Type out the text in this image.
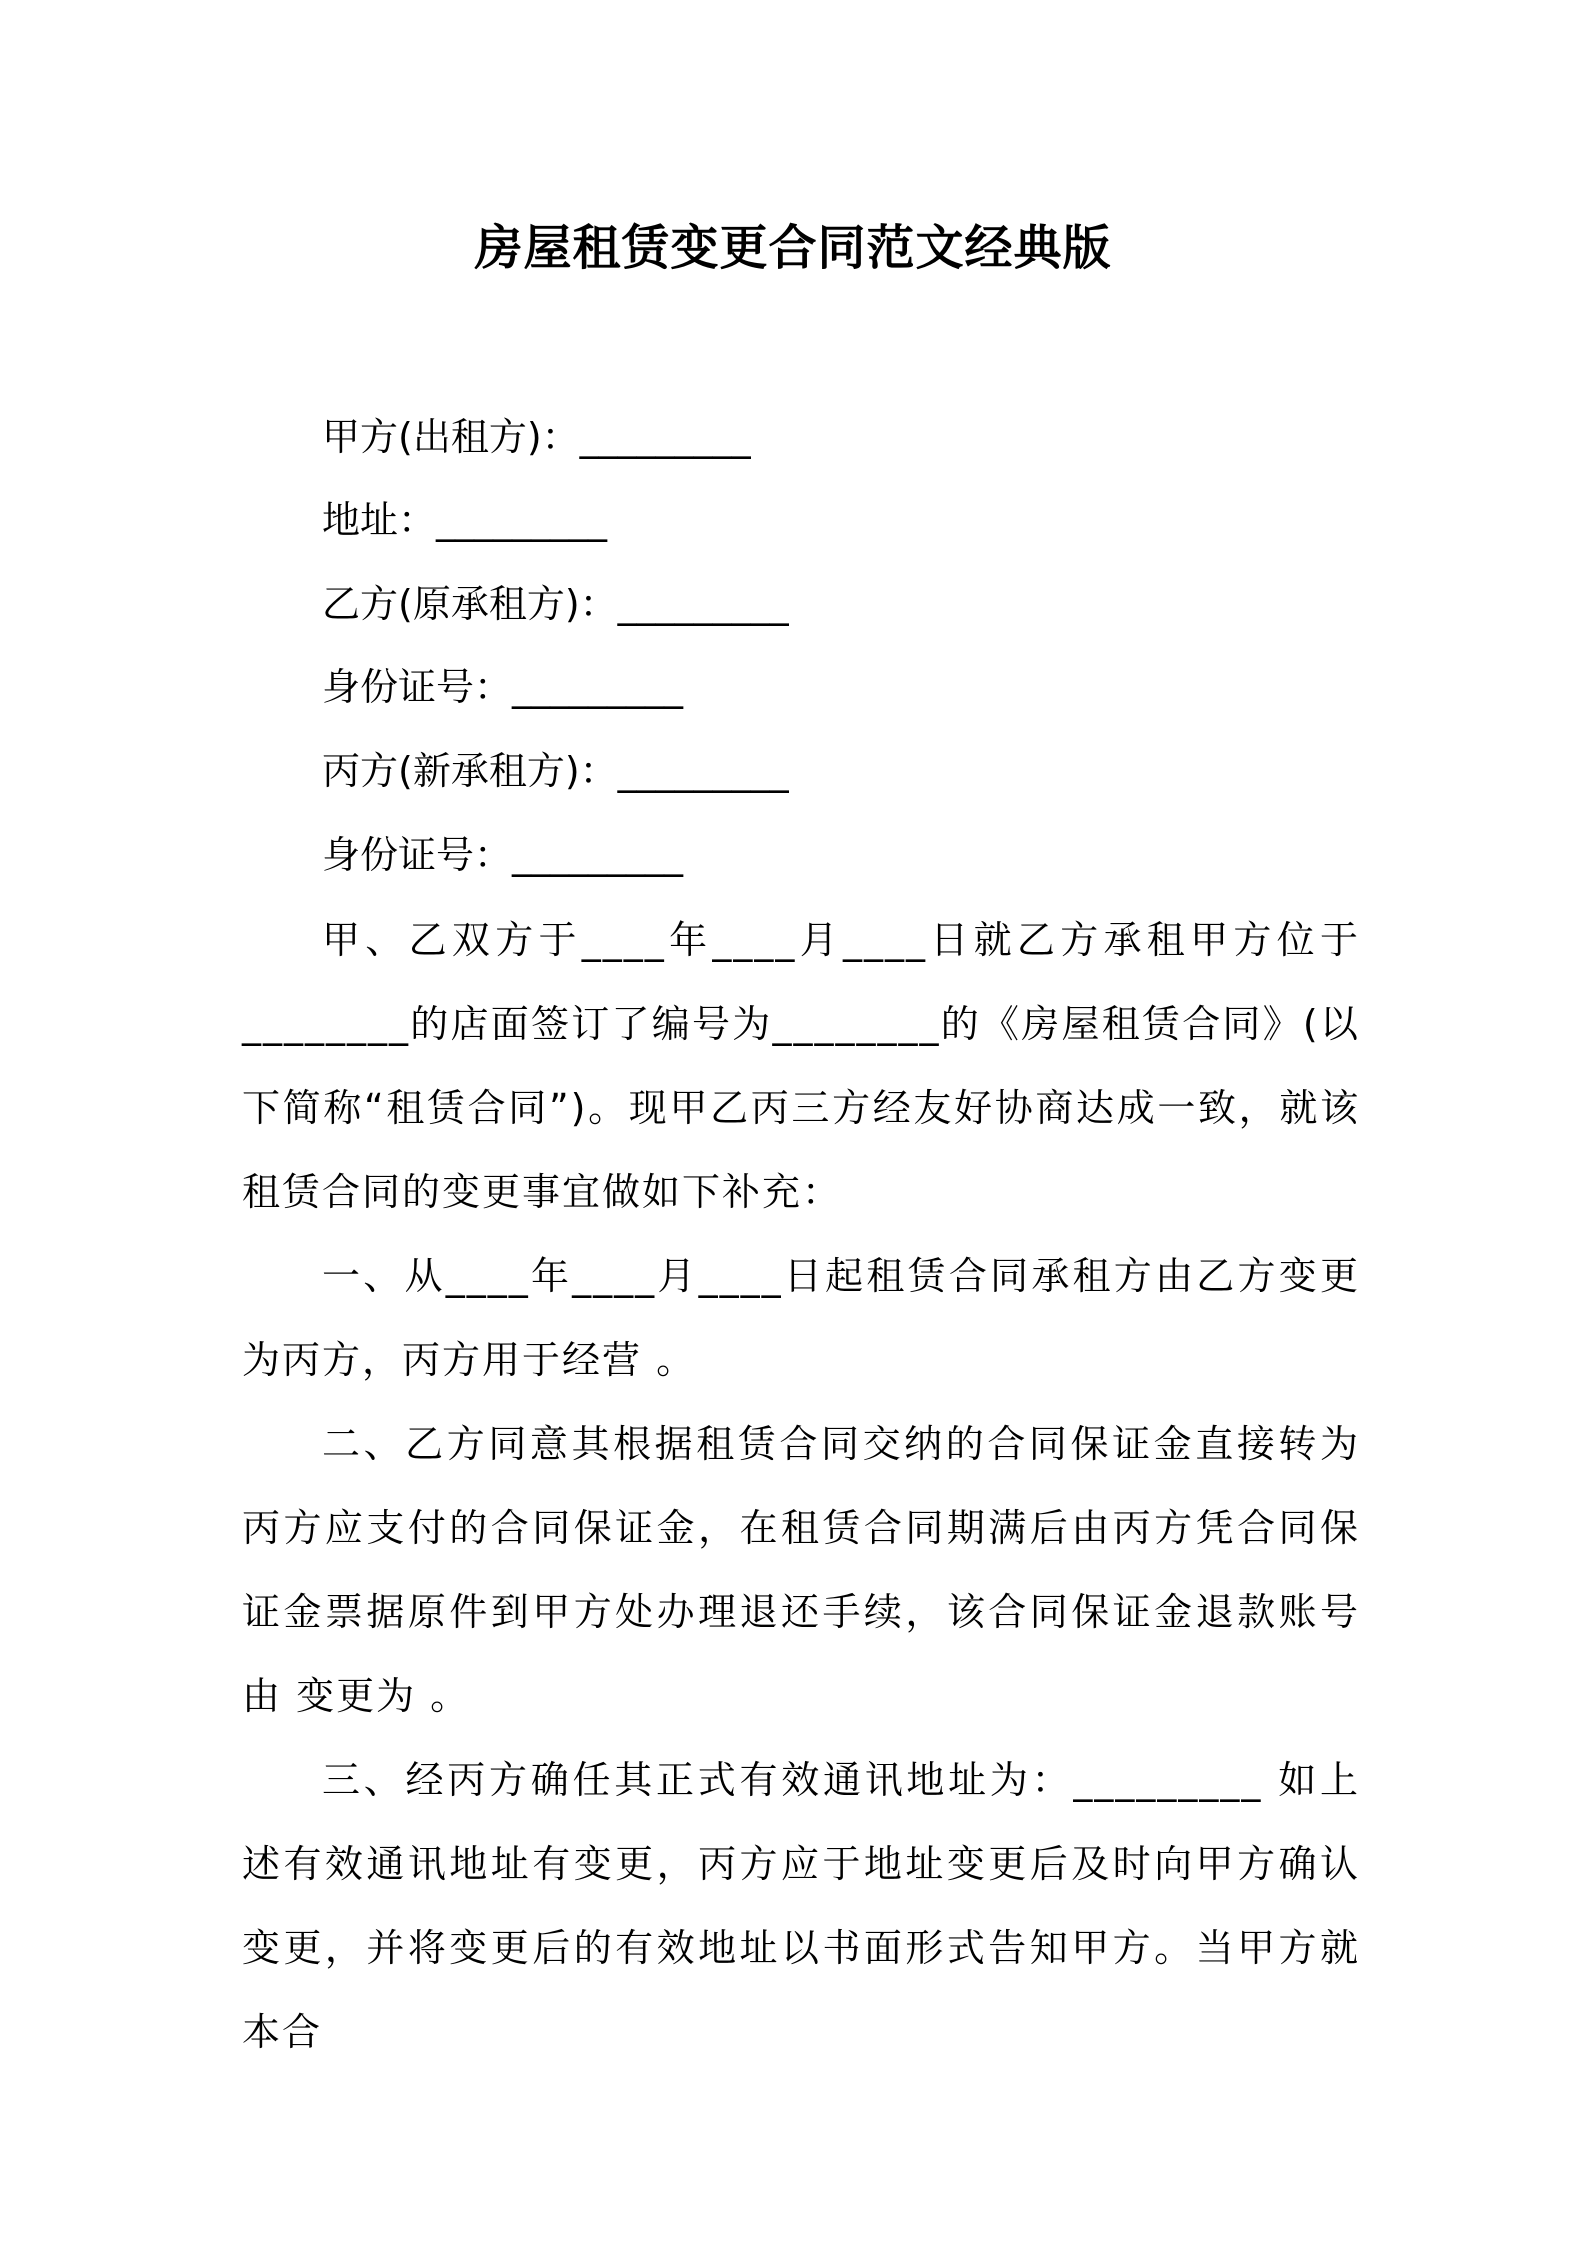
房屋租赁变更合同范文经典版
甲方(出租方)：_________
地址：_________
乙方(原承租方)：_________
身份证号：_________
丙方(新承租方)：_________
身份证号：_________

甲、乙双方于____年____月____日就乙方承租甲方位于________的店面签订了编号为________的《房屋租赁合同》(以下简称“租赁合同”)。现甲乙丙三方经友好协商达成一致，就该租赁合同的变更事宜做如下补充：

一、从____年____月____日起租赁合同承租方由乙方变更为丙方，丙方用于经营 。

二、乙方同意其根据租赁合同交纳的合同保证金直接转为丙方应支付的合同保证金，在租赁合同期满后由丙方凭合同保证金票据原件到甲方处办理退还手续，该合同保证金退款账号由 变更为 。

三、经丙方确任其正式有效通讯地址为：_________ 如上述有效通讯地址有变更，丙方应于地址变更后及时向甲方确认变更，并将变更后的有效地址以书面形式告知甲方。当甲方就本合
